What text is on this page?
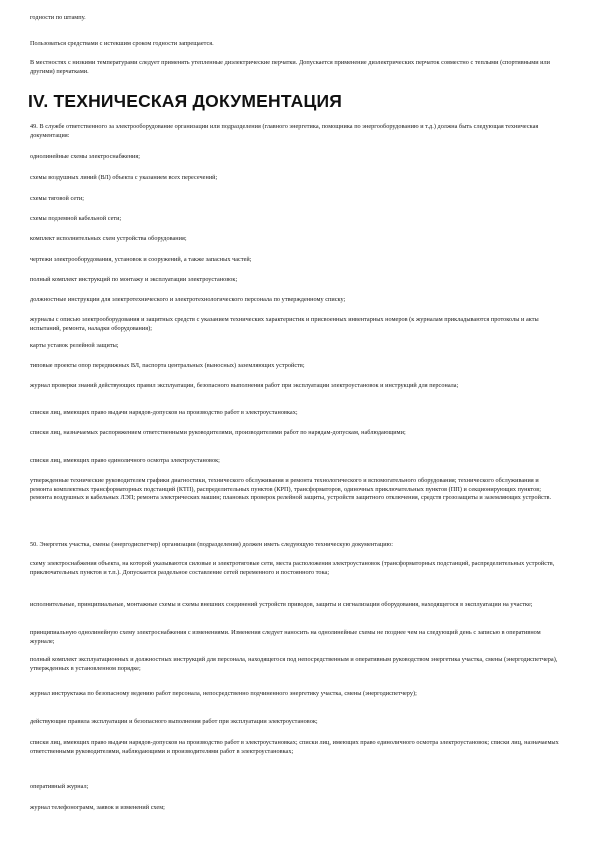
годности по штампу.

Пользоваться средствами с истекшим сроком годности запрещается.

В местностях с низкими температурами следует применять утепленные диэлектрические перчатки. Допускается применение диэлектрических перчаток совместно с теплыми (спортивными или другими) перчатками.

IV. ТЕХНИЧЕСКАЯ ДОКУМЕНТАЦИЯ

49. В службе ответственного за электрооборудование организации или подразделения (главного энергетика, помощника по энергооборудованию и т.д.) должна быть следующая техническая документация:

однолинейные схемы электроснабжения;

схемы воздушных линий (ВЛ) объекта с указанием всех пересечений;

схемы тяговой сети;

схемы подземной кабельной сети;

комплект исполнительных схем устройства оборудования;

чертежи электрооборудования, установок и сооружений, а также запасных частей;

полный комплект инструкций по монтажу и эксплуатации электроустановок;

должностные инструкции для электротехнического и электротехнологического персонала по утвержденному списку;

журналы с описью электрооборудования и защитных средств с указанием технических характеристик и присвоенных инвентарных номеров (к журналам прикладываются протоколы и акты испытаний, ремонта, наладки оборудования);

карты уставок релейной защиты;

типовые проекты опор передвижных ВЛ, паспорта центральных (выносных) заземляющих устройств;

журнал проверки знаний действующих правил эксплуатации, безопасного выполнения работ при эксплуатации электроустановок и инструкций для персонала;

списки лиц, имеющих право выдачи нарядов-допусков на производство работ в электроустановках;

списки лиц, назначаемых распоряжением ответственными руководителями, производителями работ по нарядам-допускам, наблюдающими;

списки лиц, имеющих право единоличного осмотра электроустановок;

утвержденные технические руководителем графики диагностики, технического обслуживания и ремонта технологического и вспомогательного оборудования; технического обслуживания и ремонта комплектных трансформаторных подстанций (КТП), распределительных пунктов (КРП), трансформаторов, одиночных приключательных пунктов (ПП) и секционирующих пунктов; ремонта воздушных и кабельных ЛЭП; ремонта электрических машин; плановых проверок релейной защиты, устройств защитного отключения, средств грозозащиты и заземляющих устройств.

50. Энергетик участка, смены (энергодиспетчер) организации (подразделения) должен иметь следующую техническую документацию:

схему электроснабжения объекта, на которой указываются силовые и электротяговые сети, места расположения электроустановок (трансформаторных подстанций, распределительных устройств, приключательных пунктов и т.п.). Допускается раздельное составление сетей переменного и постоянного тока;

исполнительные, принципиальные, монтажные схемы и схемы внешних соединений устройств приводов, защиты и сигнализации оборудования, находящегося в эксплуатации на участке;

принципиальную однолинейную схему электроснабжения с изменениями. Изменения следует наносить на однолинейные схемы не позднее чем на следующий день с записью в оперативном журнале;

полный комплект эксплуатационных и должностных инструкций для персонала, находящегося под непосредственным и оперативным руководством энергетика участка, смены (энергодиспетчера), утвержденных в установленном порядке;

журнал инструктажа по безопасному ведению работ персонала, непосредственно подчиненного энергетику участка, смены (энергодиспетчеру);

действующие правила эксплуатации и безопасного выполнения работ при эксплуатации электроустановок;

списки лиц, имеющих право выдачи нарядов-допусков на производство работ в электроустановках; списки лиц, имеющих право единоличного осмотра электроустановок; списки лиц, назначаемых ответственными руководителями, наблюдающими и производителями работ в электроустановках;

оперативный журнал;

журнал телефонограмм, заявок и изменений схем;
